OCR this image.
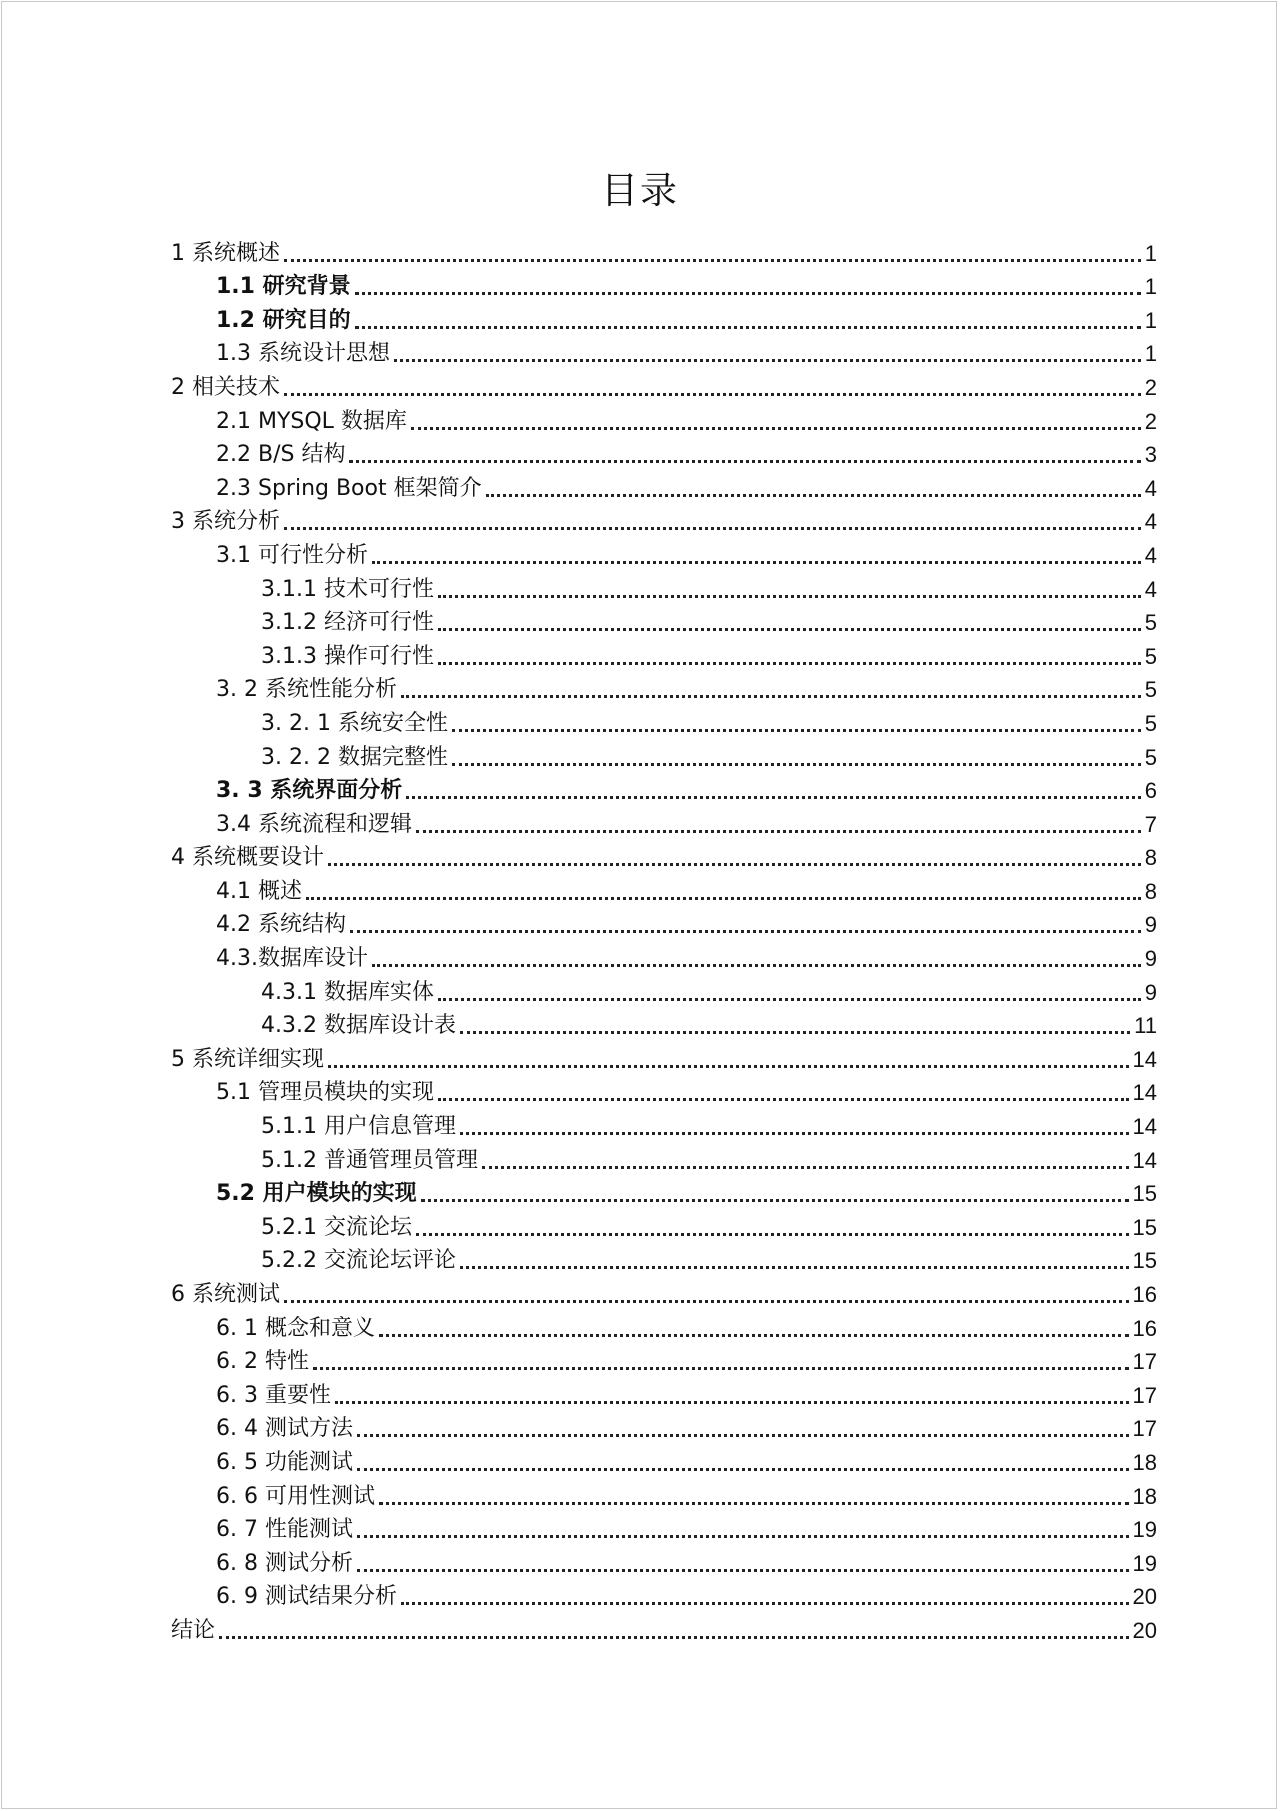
目录
1 系统概述	1
1.1 研究背景	1
1.2 研究目的	1
1.3 系统设计思想	1
2 相关技术	2
2.1 MYSQL 数据库	2
2.2 B/S 结构	3
2.3 Spring Boot 框架简介	4
3 系统分析	4
3.1 可行性分析	4
3.1.1 技术可行性	4
3.1.2 经济可行性	5
3.1.3 操作可行性	5
3. 2 系统性能分析	5
3. 2. 1 系统安全性	5
3. 2. 2 数据完整性	5
3. 3 系统界面分析	6
3.4 系统流程和逻辑	7
4 系统概要设计	8
4.1 概述	8
4.2 系统结构	9
4.3.数据库设计	9
4.3.1 数据库实体	9
4.3.2 数据库设计表	11
5 系统详细实现	14
5.1 管理员模块的实现	14
5.1.1 用户信息管理	14
5.1.2 普通管理员管理	14
5.2 用户模块的实现	15
5.2.1 交流论坛	15
5.2.2 交流论坛评论	15
6 系统测试	16
6. 1 概念和意义	16
6. 2 特性	17
6. 3 重要性	17
6. 4 测试方法	17
6. 5 功能测试	18
6. 6 可用性测试	18
6. 7 性能测试	19
6. 8 测试分析	19
6. 9 测试结果分析	20
结论	20
